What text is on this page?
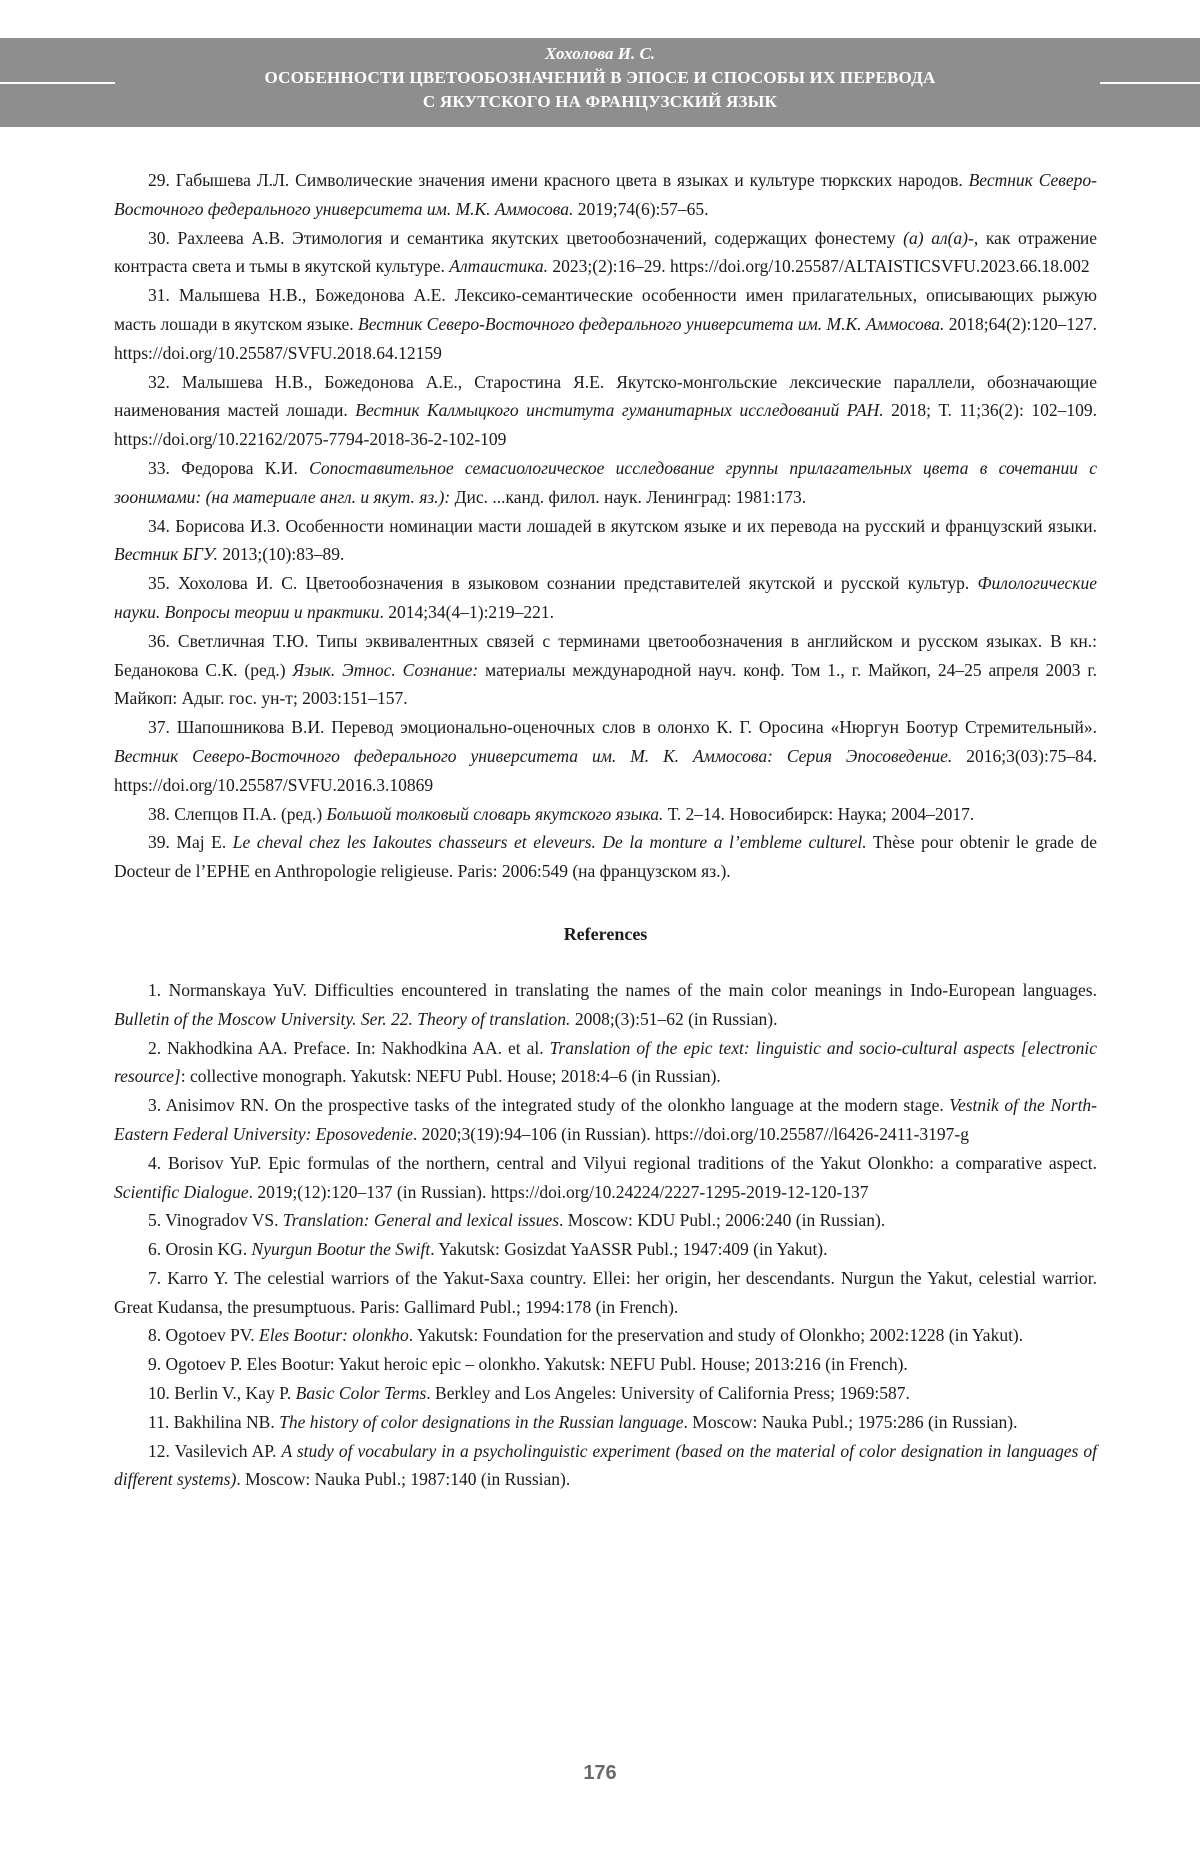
Хохолова И. С.
ОСОБЕННОСТИ ЦВЕТООБОЗНАЧЕНИЙ В ЭПОСЕ И СПОСОБЫ ИХ ПЕРЕВОДА
С ЯКУТСКОГО НА ФРАНЦУЗСКИЙ ЯЗЫК

29. Габышева Л.Л. Символические значения имени красного цвета в языках и культуре тюркских народов. Вестник Северо-Восточного федерального университета им. М.К. Аммосова. 2019;74(6):57–65.

30. Рахлеева А.В. Этимология и семантика якутских цветообозначений, содержащих фонестему (а) ал(а)-, как отражение контраста света и тьмы в якутской культуре. Алтаистика. 2023;(2):16–29. https://doi.org/10.25587/ALTAISTICSVFU.2023.66.18.002

31. Малышева Н.В., Божедонова А.Е. Лексико-семантические особенности имен прилагательных, описывающих рыжую масть лошади в якутском языке. Вестник Северо-Восточного федерального университета им. М.К. Аммосова. 2018;64(2):120–127. https://doi.org/10.25587/SVFU.2018.64.12159

32. Малышева Н.В., Божедонова А.Е., Старостина Я.Е. Якутско-монгольские лексические параллели, обозначающие наименования мастей лошади. Вестник Калмыцкого института гуманитарных исследований РАН. 2018; Т. 11;36(2): 102–109. https://doi.org/10.22162/2075-7794-2018-36-2-102-109

33. Федорова К.И. Сопоставительное семасиологическое исследование группы прилагательных цвета в сочетании с зоонимами: (на материале англ. и якут. яз.): Дис. ...канд. филол. наук. Ленинград: 1981:173.

34. Борисова И.З. Особенности номинации масти лошадей в якутском языке и их перевода на русский и французский языки. Вестник БГУ. 2013;(10):83–89.

35. Хохолова И. С. Цветообозначения в языковом сознании представителей якутской и русской культур. Филологические науки. Вопросы теории и практики. 2014;34(4–1):219–221.

36. Светличная Т.Ю. Типы эквивалентных связей с терминами цветообозначения в английском и русском языках. В кн.: Беданокова С.К. (ред.) Язык. Этнос. Сознание: материалы международной науч. конф. Том 1., г. Майкоп, 24–25 апреля 2003 г. Майкоп: Адыг. гос. ун-т; 2003:151–157.

37. Шапошникова В.И. Перевод эмоционально-оценочных слов в олонхо К. Г. Оросина «Нюргун Боотур Стремительный». Вестник Северо-Восточного федерального университета им. М. К. Аммосова: Серия Эпосоведение. 2016;3(03):75–84. https://doi.org/10.25587/SVFU.2016.3.10869

38. Слепцов П.А. (ред.) Большой толковый словарь якутского языка. Т. 2–14. Новосибирск: Наука; 2004–2017.

39. Maj E. Le cheval chez les Iakoutes chasseurs et eleveurs. De la monture a l’embleme culturel. Thèse pour obtenir le grade de Docteur de l’EPHE en Anthropologie religieuse. Paris: 2006:549 (на французском яз.).

References

1. Normanskaya YuV. Difficulties encountered in translating the names of the main color meanings in Indo-European languages. Bulletin of the Moscow University. Ser. 22. Theory of translation. 2008;(3):51–62 (in Russian).

2. Nakhodkina AA. Preface. In: Nakhodkina AA. et al. Translation of the epic text: linguistic and socio-cultural aspects [electronic resource]: collective monograph. Yakutsk: NEFU Publ. House; 2018:4–6 (in Russian).

3. Anisimov RN. On the prospective tasks of the integrated study of the olonkho language at the modern stage. Vestnik of the North-Eastern Federal University: Eposovedenie. 2020;3(19):94–106 (in Russian). https://doi.org/10.25587//l6426-2411-3197-g

4. Borisov YuP. Epic formulas of the northern, central and Vilyui regional traditions of the Yakut Olonkho: a comparative aspect. Scientific Dialogue. 2019;(12):120–137 (in Russian). https://doi.org/10.24224/2227-1295-2019-12-120-137

5. Vinogradov VS. Translation: General and lexical issues. Moscow: KDU Publ.; 2006:240 (in Russian).

6. Orosin KG. Nyurgun Bootur the Swift. Yakutsk: Gosizdat YaASSR Publ.; 1947:409 (in Yakut).

7. Karro Y. The celestial warriors of the Yakut-Saxa country. Ellei: her origin, her descendants. Nurgun the Yakut, celestial warrior. Great Kudansa, the presumptuous. Paris: Gallimard Publ.; 1994:178 (in French).

8. Ogotoev PV. Eles Bootur: olonkho. Yakutsk: Foundation for the preservation and study of Olonkho; 2002:1228 (in Yakut).

9. Ogotoev P. Eles Bootur: Yakut heroic epic – olonkho. Yakutsk: NEFU Publ. House; 2013:216 (in French).

10. Berlin V., Kay P. Basic Color Terms. Berkley and Los Angeles: University of California Press; 1969:587.

11. Bakhilina NB. The history of color designations in the Russian language. Moscow: Nauka Publ.; 1975:286 (in Russian).

12. Vasilevich AP. A study of vocabulary in a psycholinguistic experiment (based on the material of color designation in languages of different systems). Moscow: Nauka Publ.; 1987:140 (in Russian).

176
